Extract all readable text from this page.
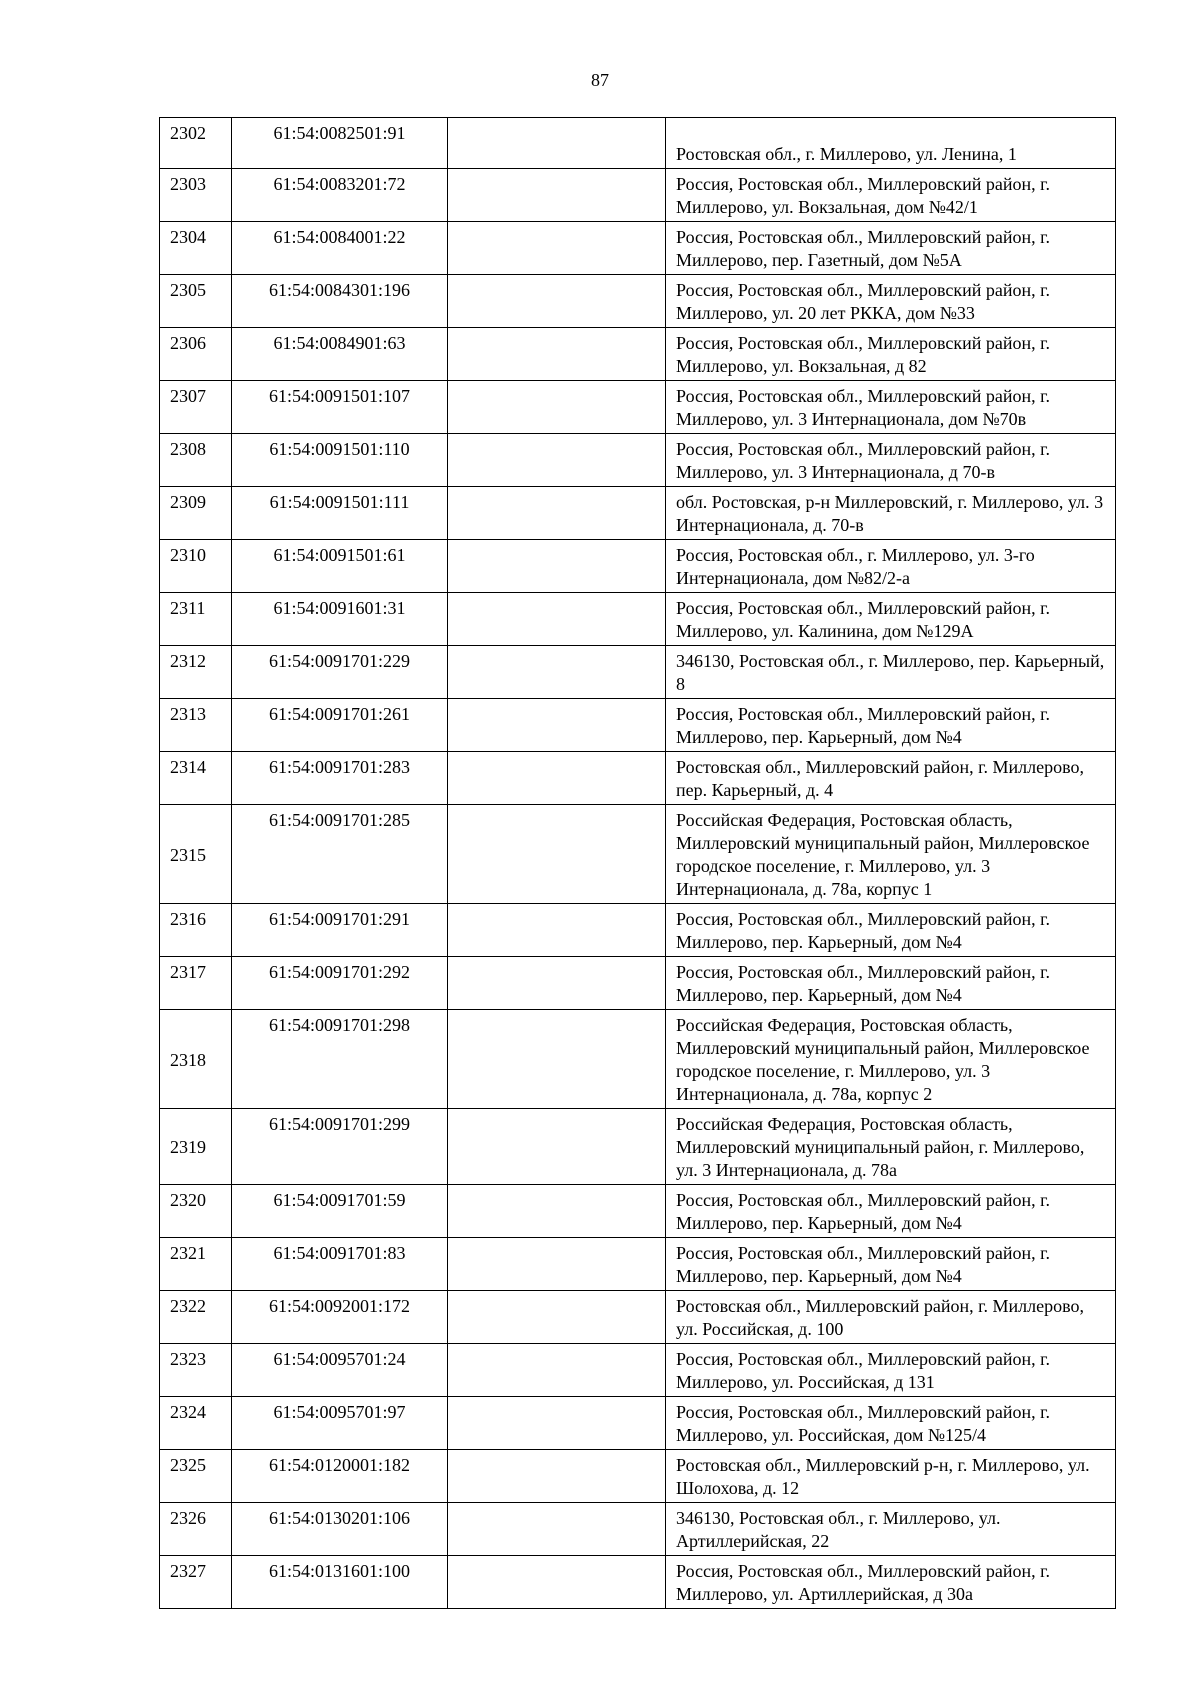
87
2302	61:54:0082501:91		Ростовская обл., г. Миллерово, ул. Ленина, 1
2303	61:54:0083201:72		Россия, Ростовская обл., Миллеровский район, г. Миллерово, ул. Вокзальная, дом №42/1
2304	61:54:0084001:22		Россия, Ростовская обл., Миллеровский район, г. Миллерово, пер. Газетный, дом №5А
2305	61:54:0084301:196		Россия, Ростовская обл., Миллеровский район, г. Миллерово, ул. 20 лет РККА, дом №33
2306	61:54:0084901:63		Россия, Ростовская обл., Миллеровский район, г. Миллерово, ул. Вокзальная, д 82
2307	61:54:0091501:107		Россия, Ростовская обл., Миллеровский район, г. Миллерово, ул. 3 Интернационала, дом №70в
2308	61:54:0091501:110		Россия, Ростовская обл., Миллеровский район, г. Миллерово, ул. 3 Интернационала, д 70-в
2309	61:54:0091501:111		обл. Ростовская, р-н Миллеровский, г. Миллерово, ул. 3 Интернационала, д. 70-в
2310	61:54:0091501:61		Россия, Ростовская обл., г. Миллерово, ул. 3-го Интернационала, дом №82/2-а
2311	61:54:0091601:31		Россия, Ростовская обл., Миллеровский район, г. Миллерово, ул. Калинина, дом №129А
2312	61:54:0091701:229		346130, Ростовская обл., г. Миллерово, пер. Карьерный, 8
2313	61:54:0091701:261		Россия, Ростовская обл., Миллеровский район, г. Миллерово, пер. Карьерный, дом №4
2314	61:54:0091701:283		Ростовская обл., Миллеровский район, г. Миллерово, пер. Карьерный, д. 4
2315	61:54:0091701:285		Российская Федерация, Ростовская область, Миллеровский муниципальный район, Миллеровское городское поселение, г. Миллерово, ул. 3 Интернационала, д. 78а, корпус 1
2316	61:54:0091701:291		Россия, Ростовская обл., Миллеровский район, г. Миллерово, пер. Карьерный, дом №4
2317	61:54:0091701:292		Россия, Ростовская обл., Миллеровский район, г. Миллерово, пер. Карьерный, дом №4
2318	61:54:0091701:298		Российская Федерация, Ростовская область, Миллеровский муниципальный район, Миллеровское городское поселение, г. Миллерово, ул. 3 Интернационала, д. 78а, корпус 2
2319	61:54:0091701:299		Российская Федерация, Ростовская область, Миллеровский муниципальный район, г. Миллерово, ул. 3 Интернационала, д. 78а
2320	61:54:0091701:59		Россия, Ростовская обл., Миллеровский район, г. Миллерово, пер. Карьерный, дом №4
2321	61:54:0091701:83		Россия, Ростовская обл., Миллеровский район, г. Миллерово, пер. Карьерный, дом №4
2322	61:54:0092001:172		Ростовская обл., Миллеровский район, г. Миллерово, ул. Российская, д. 100
2323	61:54:0095701:24		Россия, Ростовская обл., Миллеровский район, г. Миллерово, ул. Российская, д 131
2324	61:54:0095701:97		Россия, Ростовская обл., Миллеровский район, г. Миллерово, ул. Российская, дом №125/4
2325	61:54:0120001:182		Ростовская обл., Миллеровский р-н, г. Миллерово, ул. Шолохова, д. 12
2326	61:54:0130201:106		346130, Ростовская обл., г. Миллерово, ул. Артиллерийская, 22
2327	61:54:0131601:100		Россия, Ростовская обл., Миллеровский район, г. Миллерово, ул. Артиллерийская, д 30а
